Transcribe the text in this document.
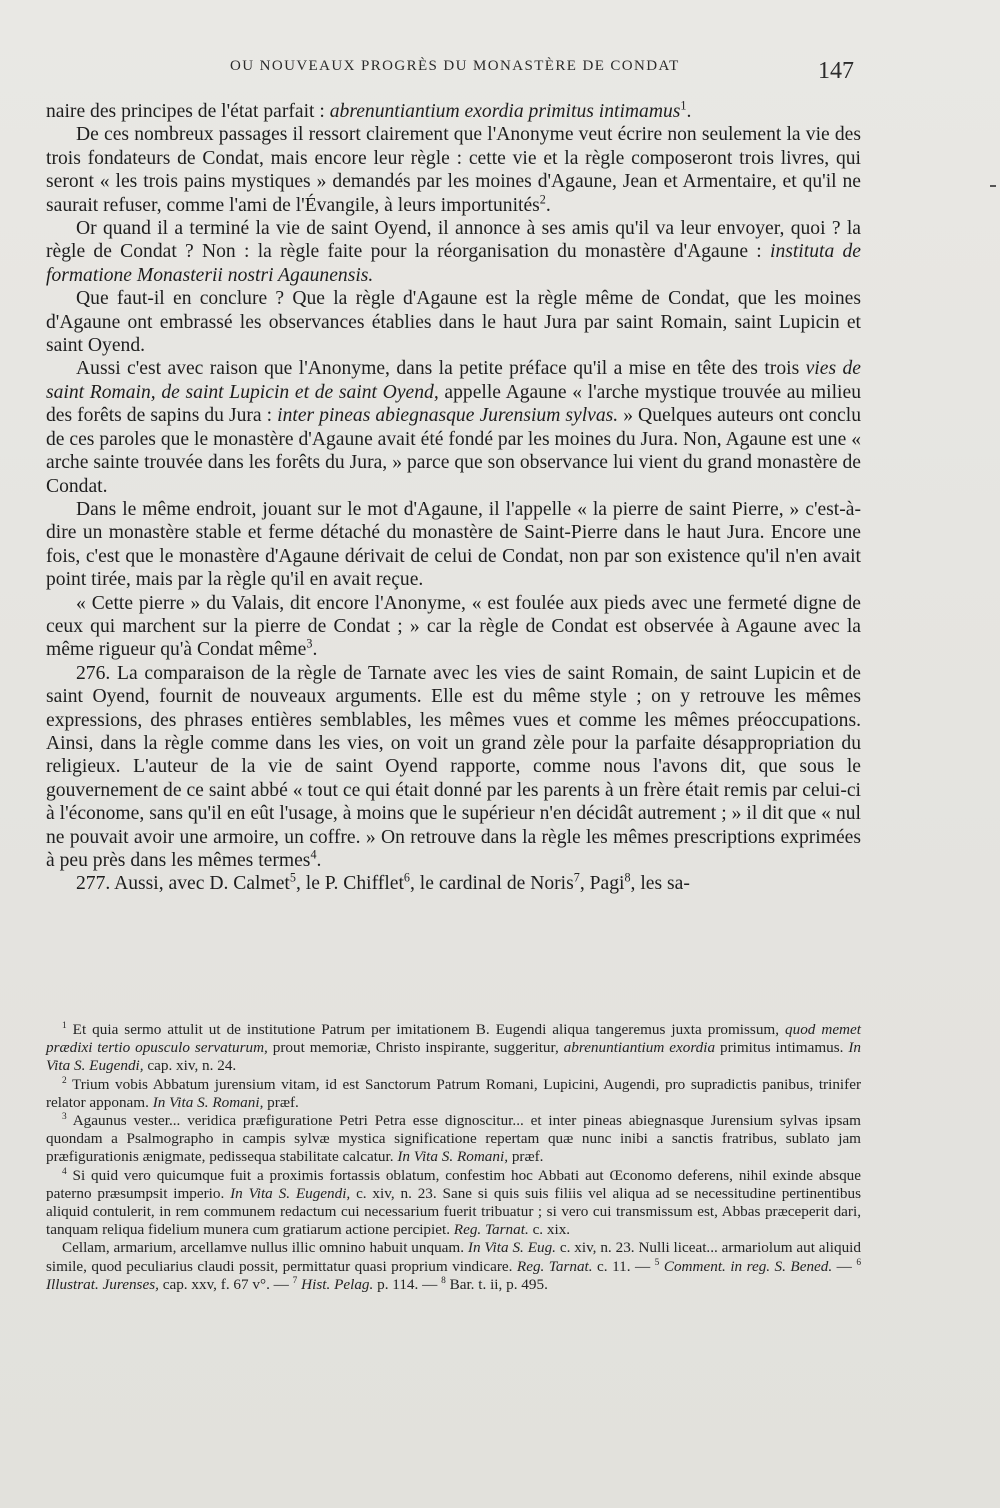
OU NOUVEAUX PROGRÈS DU MONASTÈRE DE CONDAT	147

naire des principes de l'état parfait : abrenuntiantium exordia primitus intimamus$^1$.

De ces nombreux passages il ressort clairement que l'Anonyme veut écrire non seulement la vie des trois fondateurs de Condat, mais encore leur règle : cette vie et la règle composeront trois livres, qui seront « les trois pains mystiques » demandés par les moines d'Agaune, Jean et Armentaire, et qu'il ne saurait refuser, comme l'ami de l'Évangile, à leurs importunités$^2$.

Or quand il a terminé la vie de saint Oyend, il annonce à ses amis qu'il va leur envoyer, quoi ? la règle de Condat ? Non : la règle faite pour la réorganisation du monastère d'Agaune : instituta de formatione Monasterii nostri Agaunensis.

Que faut-il en conclure ? Que la règle d'Agaune est la règle même de Condat, que les moines d'Agaune ont embrassé les observances établies dans le haut Jura par saint Romain, saint Lupicin et saint Oyend.

Aussi c'est avec raison que l'Anonyme, dans la petite préface qu'il a mise en tête des trois vies de saint Romain, de saint Lupicin et de saint Oyend, appelle Agaune « l'arche mystique trouvée au milieu des forêts de sapins du Jura : inter pineas abiegnasque Jurensium sylvas. » Quelques auteurs ont conclu de ces paroles que le monastère d'Agaune avait été fondé par les moines du Jura. Non, Agaune est une « arche sainte trouvée dans les forêts du Jura, » parce que son observance lui vient du grand monastère de Condat.

Dans le même endroit, jouant sur le mot d'Agaune, il l'appelle « la pierre de saint Pierre, » c'est-à-dire un monastère stable et ferme détaché du monastère de Saint-Pierre dans le haut Jura. Encore une fois, c'est que le monastère d'Agaune dérivait de celui de Condat, non par son existence qu'il n'en avait point tirée, mais par la règle qu'il en avait reçue.

« Cette pierre » du Valais, dit encore l'Anonyme, « est foulée aux pieds avec une fermeté digne de ceux qui marchent sur la pierre de Condat ; » car la règle de Condat est observée à Agaune avec la même rigueur qu'à Condat même$^3$.

276. La comparaison de la règle de Tarnate avec les vies de saint Romain, de saint Lupicin et de saint Oyend, fournit de nouveaux arguments. Elle est du même style ; on y retrouve les mêmes expressions, des phrases entières semblables, les mêmes vues et comme les mêmes préoccupations. Ainsi, dans la règle comme dans les vies, on voit un grand zèle pour la parfaite désappropriation du religieux. L'auteur de la vie de saint Oyend rapporte, comme nous l'avons dit, que sous le gouvernement de ce saint abbé « tout ce qui était donné par les parents à un frère était remis par celui-ci à l'économe, sans qu'il en eût l'usage, à moins que le supérieur n'en décidât autrement ; » il dit que « nul ne pouvait avoir une armoire, un coffre. » On retrouve dans la règle les mêmes prescriptions exprimées à peu près dans les mêmes termes$^4$.

277. Aussi, avec D. Calmet$^5$, le P. Chifflet$^6$, le cardinal de Noris$^7$, Pagi$^8$, les sa-

$^1$ Et quia sermo attulit ut de institutione Patrum per imitationem B. Eugendi aliqua tangeremus juxta promissum, quod memet prædixi tertio opusculo servaturum, prout memoriæ, Christo inspirante, suggeritur, abrenuntiantium exordia primitus intimamus. In Vita S. Eugendi, cap. xiv, n. 24.

$^2$ Trium vobis Abbatum jurensium vitam, id est Sanctorum Patrum Romani, Lupicini, Augendi, pro supradictis panibus, trinifer relator apponam. In Vita S. Romani, præf.

$^3$ Agaunus vester... veridica præfiguratione Petri Petra esse dignoscitur... et inter pineas abiegnasque Jurensium sylvas ipsam quondam a Psalmographo in campis sylvæ mystica significatione repertam quæ nunc inibi a sanctis fratribus, sublato jam præfigurationis ænigmate, pedissequa stabilitate calcatur. In Vita S. Romani, præf.

$^4$ Si quid vero quicumque fuit a proximis fortassis oblatum, confestim hoc Abbati aut Œconomo deferens, nihil exinde absque paterno præsumpsit imperio. In Vita S. Eugendi, c. xiv, n. 23. Sane si quis suis filiis vel aliqua ad se necessitudine pertinentibus aliquid contulerit, in rem communem redactum cui necessarium fuerit tribuatur ; si vero cui transmissum est, Abbas præceperit dari, tanquam reliqua fidelium munera cum gratiarum actione percipiet. Reg. Tarnat. c. xix.

Cellam, armarium, arcellamve nullus illic omnino habuit unquam. In Vita S. Eug. c. xiv, n. 23. Nulli liceat... armariolum aut aliquid simile, quod peculiarius claudi possit, permittatur quasi proprium vindicare. Reg. Tarnat. c. 11. — $^5$ Comment. in reg. S. Bened. — $^6$ Illustrat. Jurenses, cap. xxv, f. 67 v°. — $^7$ Hist. Pelag. p. 114. — $^8$ Bar. t. ii, p. 495.
